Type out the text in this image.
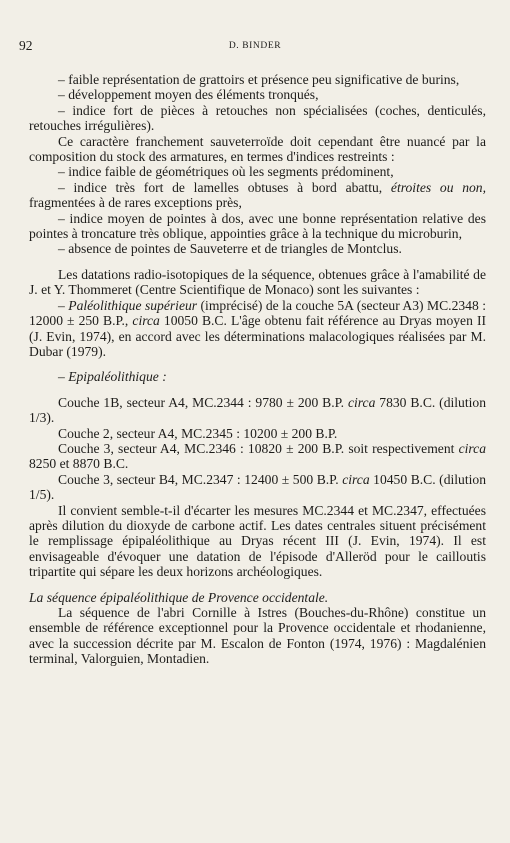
92	D. BINDER
– faible représentation de grattoirs et présence peu significative de burins,
– développement moyen des éléments tronqués,
– indice fort de pièces à retouches non spécialisées (coches, denticulés, retouches irrégulières).
Ce caractère franchement sauveterroïde doit cependant être nuancé par la composition du stock des armatures, en termes d'indices restreints :
– indice faible de géométriques où les segments prédominent,
– indice très fort de lamelles obtuses à bord abattu, étroites ou non, fragmentées à de rares exceptions près,
– indice moyen de pointes à dos, avec une bonne représentation relative des pointes à troncature très oblique, appointies grâce à la technique du microburin,
– absence de pointes de Sauveterre et de triangles de Montclus.
Les datations radio-isotopiques de la séquence, obtenues grâce à l'amabilité de J. et Y. Thommeret (Centre Scientifique de Monaco) sont les suivantes :
– Paléolithique supérieur (imprécisé) de la couche 5A (secteur A3) MC.2348 : 12000 ± 250 B.P., circa 10050 B.C. L'âge obtenu fait référence au Dryas moyen II (J. Evin, 1974), en accord avec les déterminations malacologiques réalisées par M. Dubar (1979).
– Epipaléolithique :
Couche 1B, secteur A4, MC.2344 : 9780 ± 200 B.P. circa 7830 B.C. (dilution 1/3).
Couche 2, secteur A4, MC.2345 : 10200 ± 200 B.P.
Couche 3, secteur A4, MC.2346 : 10820 ± 200 B.P. soit respectivement circa 8250 et 8870 B.C.
Couche 3, secteur B4, MC.2347 : 12400 ± 500 B.P. circa 10450 B.C. (dilution 1/5).
Il convient semble-t-il d'écarter les mesures MC.2344 et MC.2347, effectuées après dilution du dioxyde de carbone actif. Les dates centrales situent précisément le remplissage épipaléolithique au Dryas récent III (J. Evin, 1974). Il est envisageable d'évoquer une datation de l'épisode d'Alleröd pour le cailloutis tripartite qui sépare les deux horizons archéologiques.
La séquence épipaléolithique de Provence occidentale.
La séquence de l'abri Cornille à Istres (Bouches-du-Rhône) constitue un ensemble de référence exceptionnel pour la Provence occidentale et rhodanienne, avec la succession décrite par M. Escalon de Fonton (1974, 1976) : Magdalénien terminal, Valorguien, Montadien.
